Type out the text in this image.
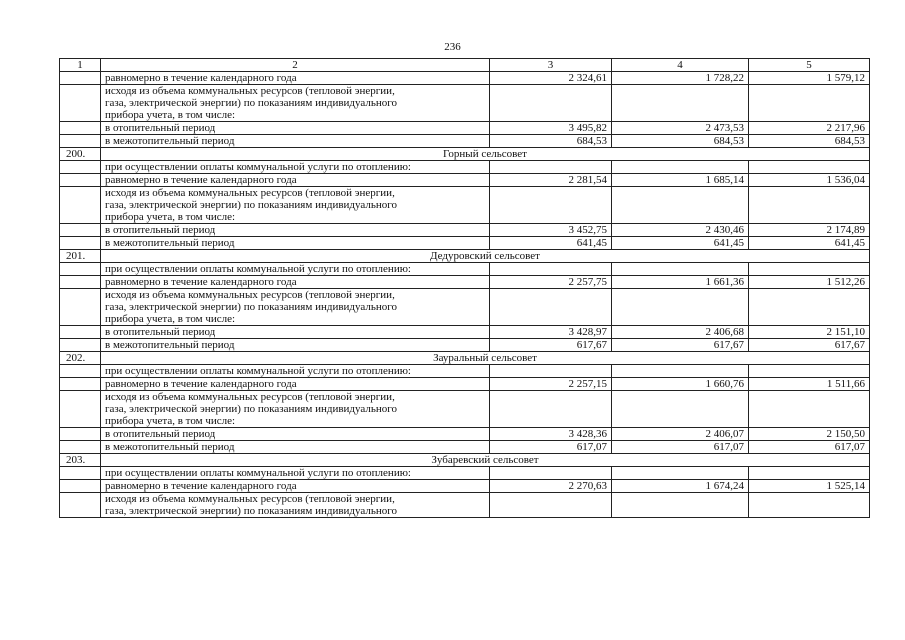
236
1	2	3	4	5
	равномерно в течение календарного года	2 324,61	1 728,22	1 579,12
	исходя из объема коммунальных ресурсов (тепловой энергии,
газа, электрической энергии) по показаниям индивидуального
прибора учета, в том числе:			
	в отопительный период	3 495,82	2 473,53	2 217,96
	в межотопительный период	684,53	684,53	684,53
200.	Горный сельсовет			
	при осуществлении оплаты коммунальной услуги по отоплению:			
	равномерно в течение календарного года	2 281,54	1 685,14	1 536,04
	исходя из объема коммунальных ресурсов (тепловой энергии,
газа, электрической энергии) по показаниям индивидуального
прибора учета, в том числе:			
	в отопительный период	3 452,75	2 430,46	2 174,89
	в межотопительный период	641,45	641,45	641,45
201.	Дедуровский сельсовет			
	при осуществлении оплаты коммунальной услуги по отоплению:			
	равномерно в течение календарного года	2 257,75	1 661,36	1 512,26
	исходя из объема коммунальных ресурсов (тепловой энергии,
газа, электрической энергии) по показаниям индивидуального
прибора учета, в том числе:			
	в отопительный период	3 428,97	2 406,68	2 151,10
	в межотопительный период	617,67	617,67	617,67
202.	Зауральный сельсовет			
	при осуществлении оплаты коммунальной услуги по отоплению:			
	равномерно в течение календарного года	2 257,15	1 660,76	1 511,66
	исходя из объема коммунальных ресурсов (тепловой энергии,
газа, электрической энергии) по показаниям индивидуального
прибора учета, в том числе:			
	в отопительный период	3 428,36	2 406,07	2 150,50
	в межотопительный период	617,07	617,07	617,07
203.	Зубаревский сельсовет			
	при осуществлении оплаты коммунальной услуги по отоплению:			
	равномерно в течение календарного года	2 270,63	1 674,24	1 525,14
	исходя из объема коммунальных ресурсов (тепловой энергии,
газа, электрической энергии) по показаниям индивидуального			
